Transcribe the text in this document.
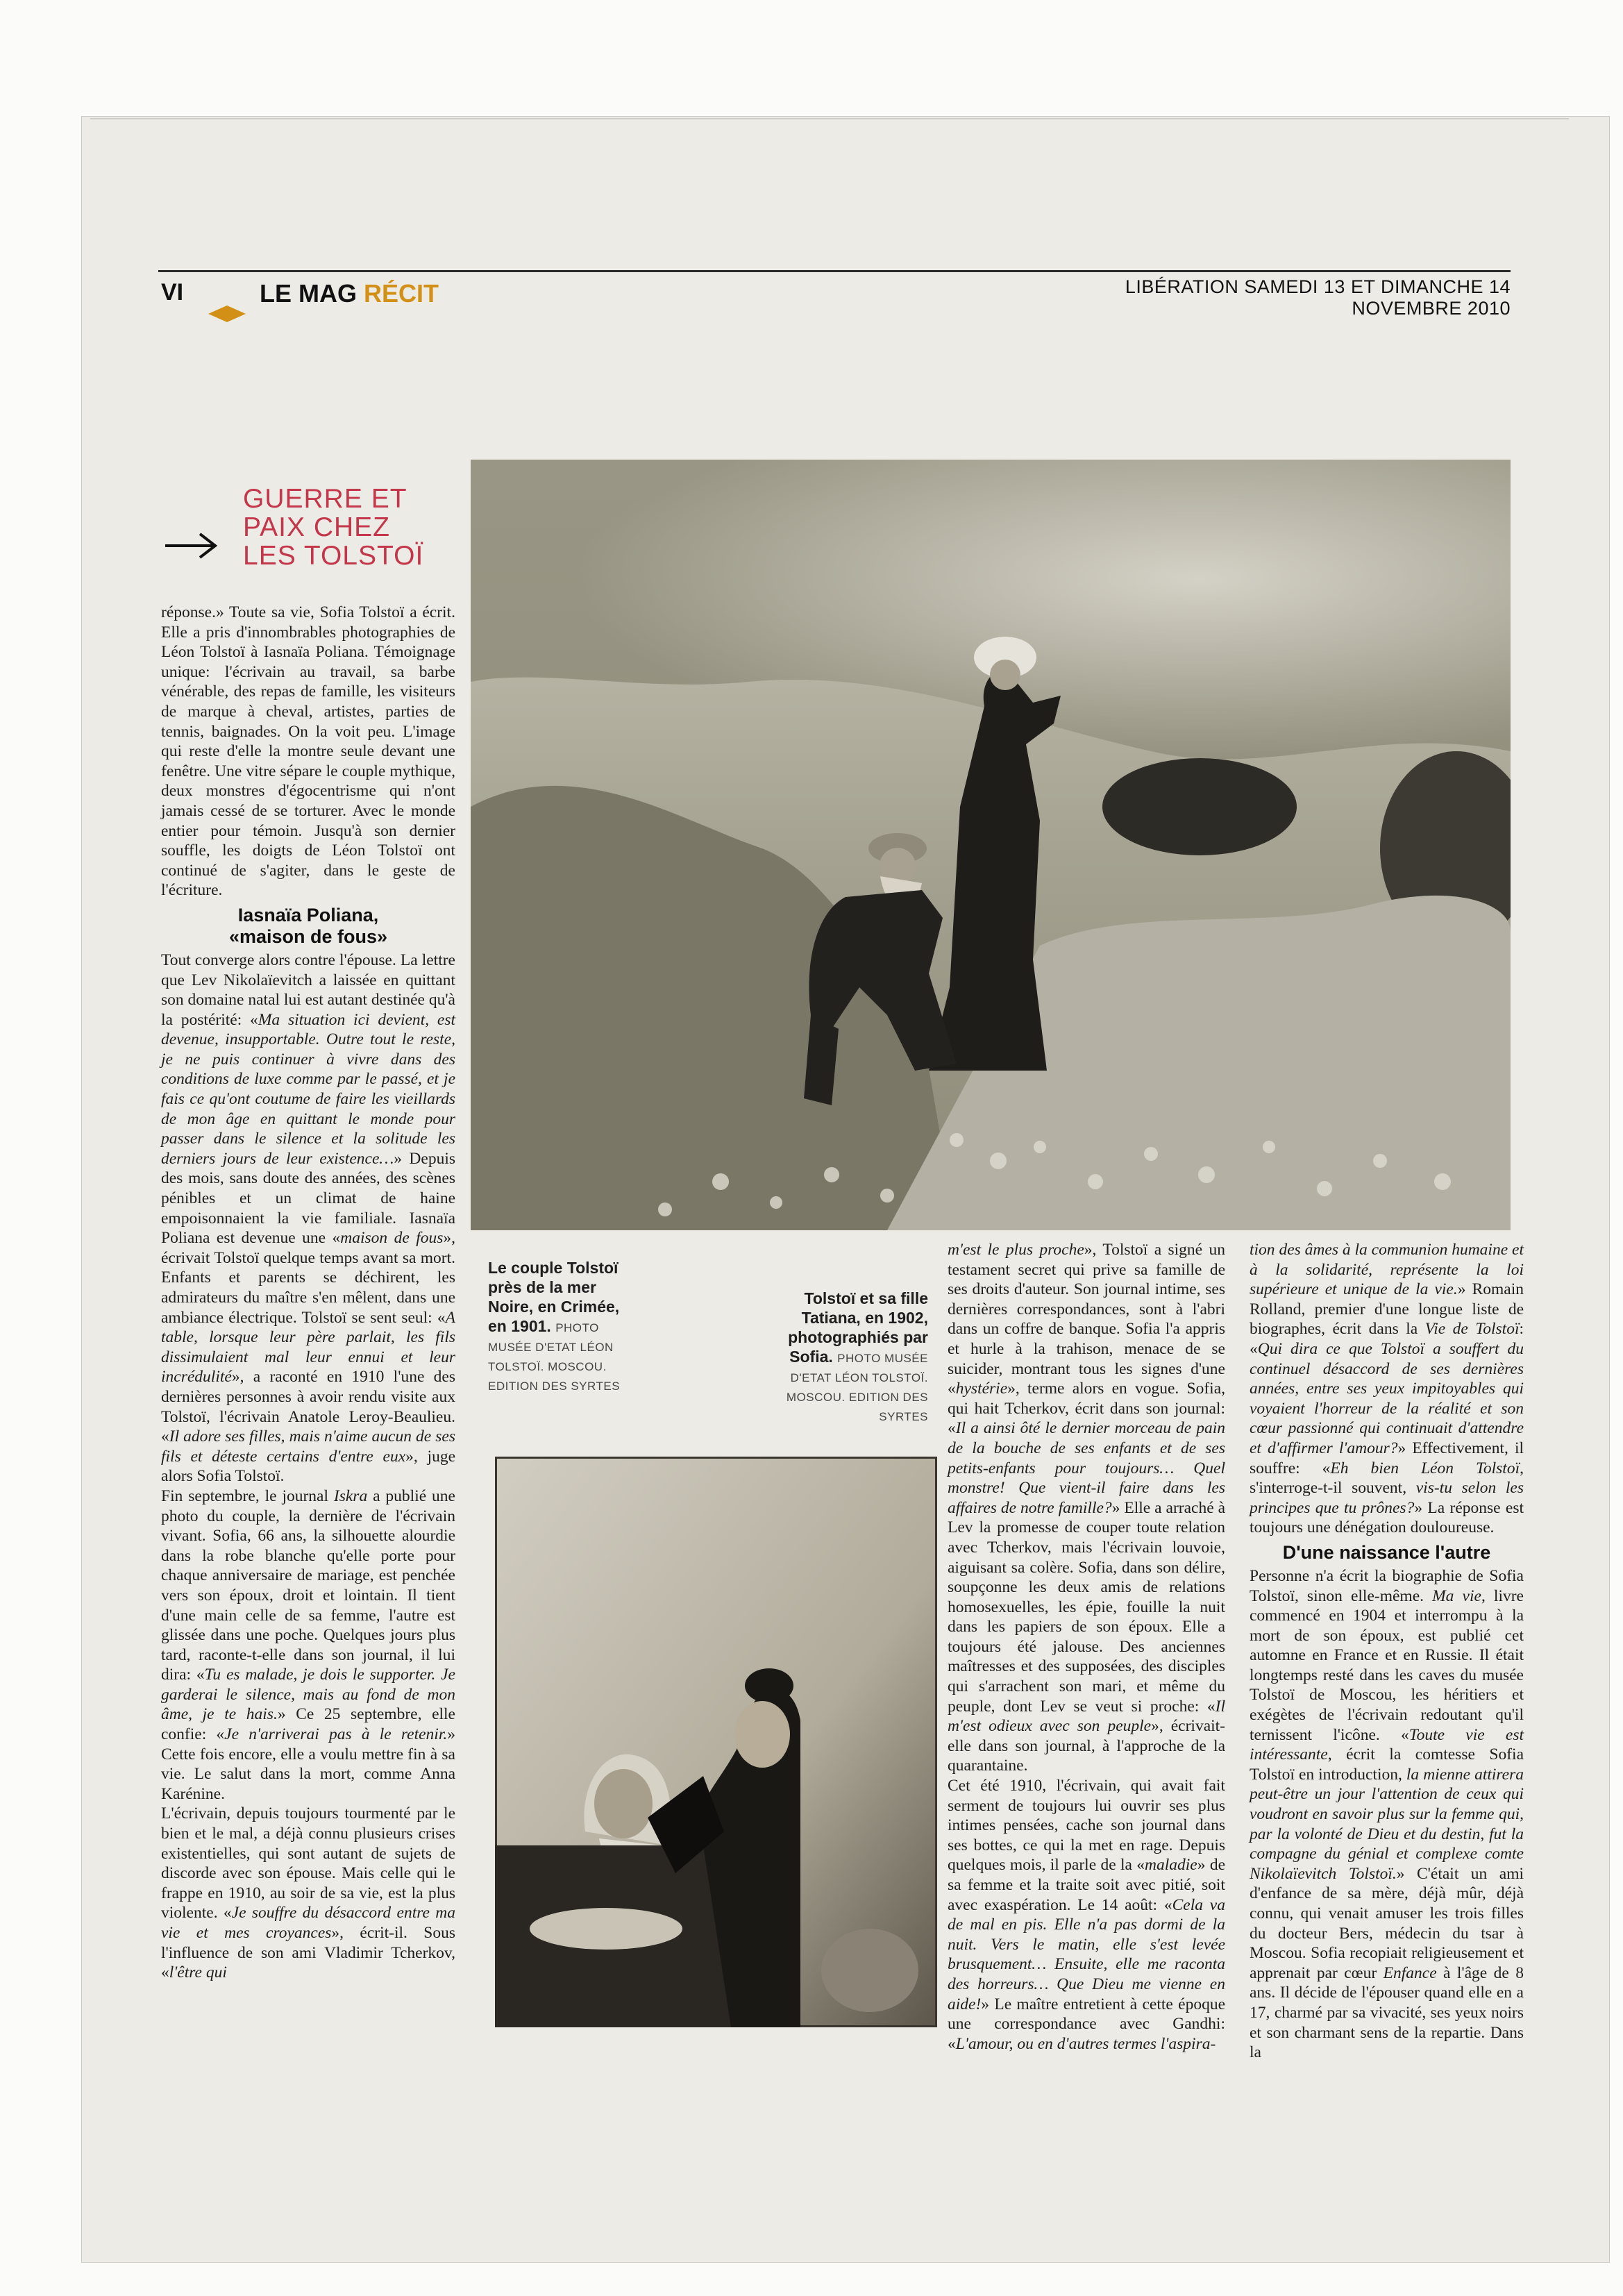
VI	LE MAG RÉCIT	LIBÉRATION SAMEDI 13 ET DIMANCHE 14 NOVEMBRE 2010
GUERRE ET
PAIX CHEZ
LES TOLSTOÏ
Le couple Tolstoï près de la mer Noire, en Crimée, en 1901. PHOTO MUSÉE D'ETAT LÉON TOLSTOÏ. MOSCOU. EDITION DES SYRTES
Tolstoï et sa fille Tatiana, en 1902, photographiés par Sofia. PHOTO MUSÉE D'ETAT LÉON TOLSTOÏ. MOSCOU. EDITION DES SYRTES

réponse.» Toute sa vie, Sofia Tolstoï a écrit. Elle a pris d'innombrables photographies de Léon Tolstoï à Iasnaïa Poliana. Témoignage unique: l'écrivain au travail, sa barbe vénérable, des repas de famille, les visiteurs de marque à cheval, artistes, parties de tennis, baignades. On la voit peu. L'image qui reste d'elle la montre seule devant une fenêtre. Une vitre sépare le couple mythique, deux monstres d'égocentrisme qui n'ont jamais cessé de se torturer. Avec le monde entier pour témoin. Jusqu'à son dernier souffle, les doigts de Léon Tolstoï ont continué de s'agiter, dans le geste de l'écriture.

Iasnaïa Poliana,
«maison de fous»

Tout converge alors contre l'épouse. La lettre que Lev Nikolaïevitch a laissée en quittant son domaine natal lui est autant destinée qu'à la postérité: «Ma situation ici devient, est devenue, insupportable. Outre tout le reste, je ne puis continuer à vivre dans des conditions de luxe comme par le passé, et je fais ce qu'ont coutume de faire les vieillards de mon âge en quittant le monde pour passer dans le silence et la solitude les derniers jours de leur existence…» Depuis des mois, sans doute des années, des scènes pénibles et un climat de haine empoisonnaient la vie familiale. Iasnaïa Poliana est devenue une «maison de fous», écrivait Tolstoï quelque temps avant sa mort. Enfants et parents se déchirent, les admirateurs du maître s'en mêlent, dans une ambiance électrique. Tolstoï se sent seul: «A table, lorsque leur père parlait, les fils dissimulaient mal leur ennui et leur incrédulité», a raconté en 1910 l'une des dernières personnes à avoir rendu visite aux Tolstoï, l'écrivain Anatole Leroy-Beaulieu. «Il adore ses filles, mais n'aime aucun de ses fils et déteste certains d'entre eux», juge alors Sofia Tolstoï.

Fin septembre, le journal Iskra a publié une photo du couple, la dernière de l'écrivain vivant. Sofia, 66 ans, la silhouette alourdie dans la robe blanche qu'elle porte pour chaque anniversaire de mariage, est penchée vers son époux, droit et lointain. Il tient d'une main celle de sa femme, l'autre est glissée dans une poche. Quelques jours plus tard, raconte-t-elle dans son journal, il lui dira: «Tu es malade, je dois le supporter. Je garderai le silence, mais au fond de mon âme, je te hais.» Ce 25 septembre, elle confie: «Je n'arriverai pas à le retenir.» Cette fois encore, elle a voulu mettre fin à sa vie. Le salut dans la mort, comme Anna Karénine.

L'écrivain, depuis toujours tourmenté par le bien et le mal, a déjà connu plusieurs crises existentielles, qui sont autant de sujets de discorde avec son épouse. Mais celle qui le frappe en 1910, au soir de sa vie, est la plus violente. «Je souffre du désaccord entre ma vie et mes croyances», écrit-il. Sous l'influence de son ami Vladimir Tcherkov, «l'être qui

m'est le plus proche», Tolstoï a signé un testament secret qui prive sa famille de ses droits d'auteur. Son journal intime, ses dernières correspondances, sont à l'abri dans un coffre de banque. Sofia l'a appris et hurle à la trahison, menace de se suicider, montrant tous les signes d'une «hystérie», terme alors en vogue. Sofia, qui hait Tcherkov, écrit dans son journal: «Il a ainsi ôté le dernier morceau de pain de la bouche de ses enfants et de ses petits-enfants pour toujours… Quel monstre! Que vient-il faire dans les affaires de notre famille?» Elle a arraché à Lev la promesse de couper toute relation avec Tcherkov, mais l'écrivain louvoie, aiguisant sa colère. Sofia, dans son délire, soupçonne les deux amis de relations homosexuelles, les épie, fouille la nuit dans les papiers de son époux. Elle a toujours été jalouse. Des anciennes maîtresses et des supposées, des disciples qui s'arrachent son mari, et même du peuple, dont Lev se veut si proche: «Il m'est odieux avec son peuple», écrivait-elle dans son journal, à l'approche de la quarantaine.

Cet été 1910, l'écrivain, qui avait fait serment de toujours lui ouvrir ses plus intimes pensées, cache son journal dans ses bottes, ce qui la met en rage. Depuis quelques mois, il parle de la «maladie» de sa femme et la traite soit avec pitié, soit avec exaspération. Le 14 août: «Cela va de mal en pis. Elle n'a pas dormi de la nuit. Vers le matin, elle s'est levée brusquement… Ensuite, elle me raconta des horreurs… Que Dieu me vienne en aide!» Le maître entretient à cette époque une correspondance avec Gandhi: «L'amour, ou en d'autres termes l'aspira-

tion des âmes à la communion humaine et à la solidarité, représente la loi supérieure et unique de la vie.» Romain Rolland, premier d'une longue liste de biographes, écrit dans la Vie de Tolstoï: «Qui dira ce que Tolstoï a souffert du continuel désaccord de ses dernières années, entre ses yeux impitoyables qui voyaient l'horreur de la réalité et son cœur passionné qui continuait d'attendre et d'affirmer l'amour?» Effectivement, il souffre: «Eh bien Léon Tolstoï, s'interroge-t-il souvent, vis-tu selon les principes que tu prônes?» La réponse est toujours une dénégation douloureuse.

D'une naissance l'autre

Personne n'a écrit la biographie de Sofia Tolstoï, sinon elle-même. Ma vie, livre commencé en 1904 et interrompu à la mort de son époux, est publié cet automne en France et en Russie. Il était longtemps resté dans les caves du musée Tolstoï de Moscou, les héritiers et exégètes de l'écrivain redoutant qu'il ternissent l'icône. «Toute vie est intéressante, écrit la comtesse Sofia Tolstoï en introduction, la mienne attirera peut-être un jour l'attention de ceux qui voudront en savoir plus sur la femme qui, par la volonté de Dieu et du destin, fut la compagne du génial et complexe comte Nikolaïevitch Tolstoï.» C'était un ami d'enfance de sa mère, déjà mûr, déjà connu, qui venait amuser les trois filles du docteur Bers, médecin du tsar à Moscou. Sofia recopiait religieusement et apprenait par cœur Enfance à l'âge de 8 ans. Il décide de l'épouser quand elle en a 17, charmé par sa vivacité, ses yeux noirs et son charmant sens de la repartie. Dans la
